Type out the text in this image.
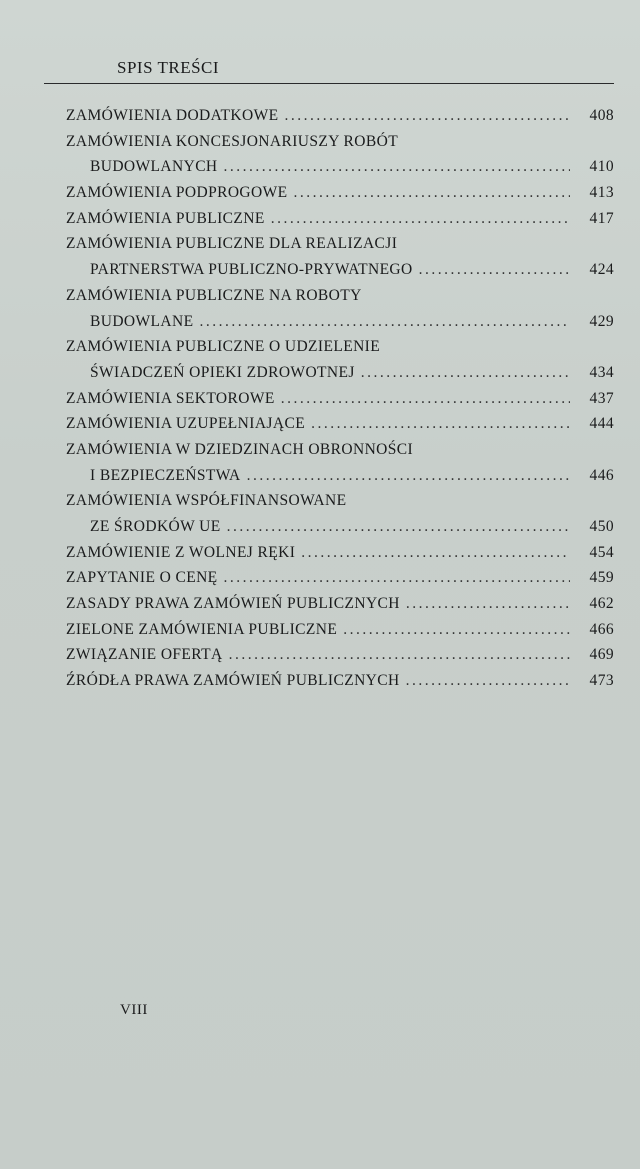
SPIS TREŚCI
ZAMÓWIENIA DODATKOWE .....	408
ZAMÓWIENIA KONCESJONARIUSZY ROBÓT
BUDOWLANYCH .....	410
ZAMÓWIENIA PODPROGOWE .....	413
ZAMÓWIENIA PUBLICZNE .....	417
ZAMÓWIENIA PUBLICZNE DLA REALIZACJI
PARTNERSTWA PUBLICZNO-PRYWATNEGO .....	424
ZAMÓWIENIA PUBLICZNE NA ROBOTY
BUDOWLANE .....	429
ZAMÓWIENIA PUBLICZNE O UDZIELENIE
ŚWIADCZEŃ OPIEKI ZDROWOTNEJ .....	434
ZAMÓWIENIA SEKTOROWE .....	437
ZAMÓWIENIA UZUPEŁNIAJĄCE .....	444
ZAMÓWIENIA W DZIEDZINACH OBRONNOŚCI
I BEZPIECZEŃSTWA .....	446
ZAMÓWIENIA WSPÓŁFINANSOWANE
ZE ŚRODKÓW UE .....	450
ZAMÓWIENIE Z WOLNEJ RĘKI .....	454
ZAPYTANIE O CENĘ .....	459
ZASADY PRAWA ZAMÓWIEŃ PUBLICZNYCH .....	462
ZIELONE ZAMÓWIENIA PUBLICZNE .....	466
ZWIĄZANIE OFERTĄ .....	469
ŹRÓDŁA PRAWA ZAMÓWIEŃ PUBLICZNYCH .....	473
VIII
